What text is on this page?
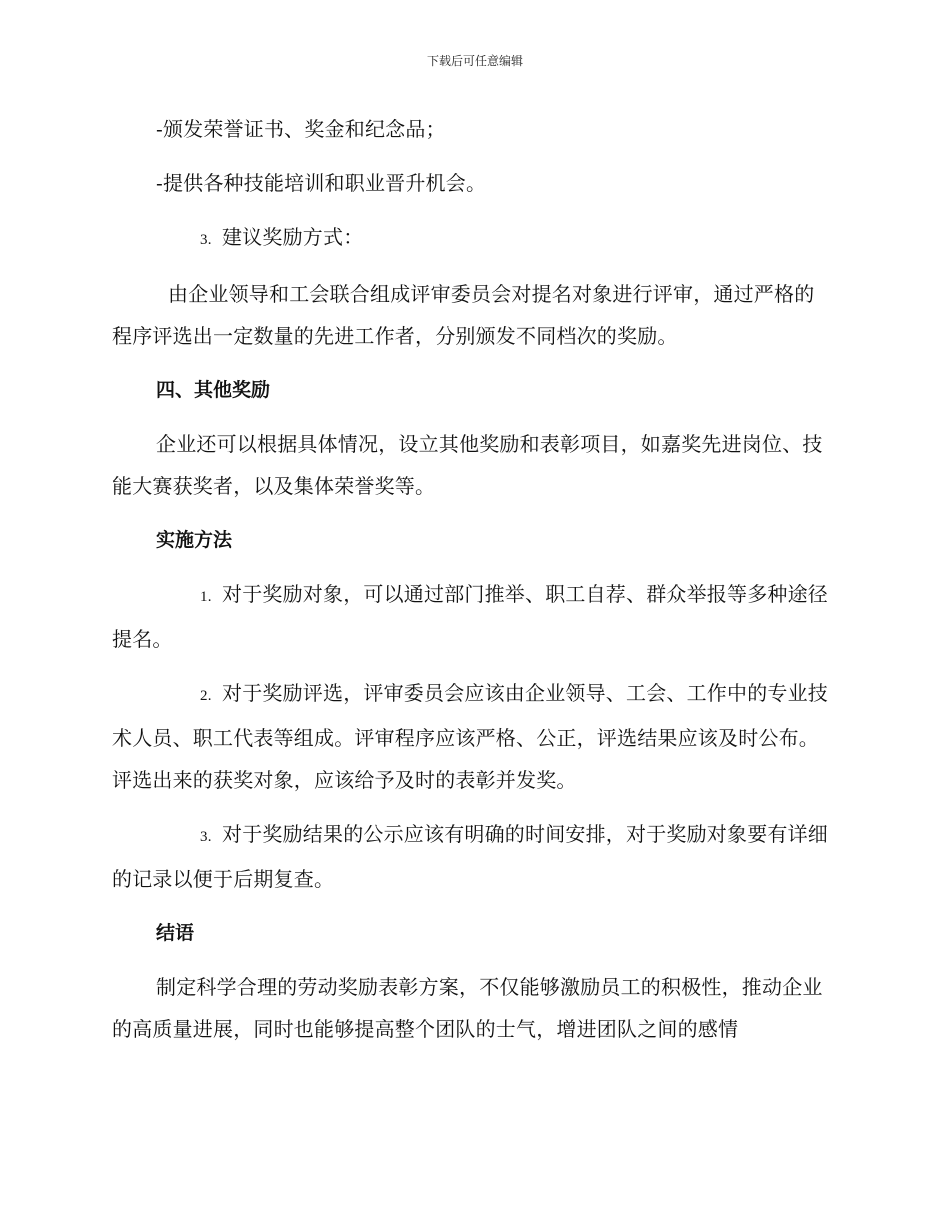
下载后可任意编辑

-颁发荣誉证书、奖金和纪念品；

-提供各种技能培训和职业晋升机会。

3. 建议奖励方式：

由企业领导和工会联合组成评审委员会对提名对象进行评审，通过严格的程序评选出一定数量的先进工作者，分别颁发不同档次的奖励。

四、其他奖励

企业还可以根据具体情况，设立其他奖励和表彰项目，如嘉奖先进岗位、技能大赛获奖者，以及集体荣誉奖等。

实施方法

1. 对于奖励对象，可以通过部门推举、职工自荐、群众举报等多种途径提名。

2. 对于奖励评选，评审委员会应该由企业领导、工会、工作中的专业技术人员、职工代表等组成。评审程序应该严格、公正，评选结果应该及时公布。评选出来的获奖对象，应该给予及时的表彰并发奖。

3. 对于奖励结果的公示应该有明确的时间安排，对于奖励对象要有详细的记录以便于后期复查。

结语

制定科学合理的劳动奖励表彰方案，不仅能够激励员工的积极性，推动企业的高质量进展，同时也能够提高整个团队的士气，增进团队之间的感情
